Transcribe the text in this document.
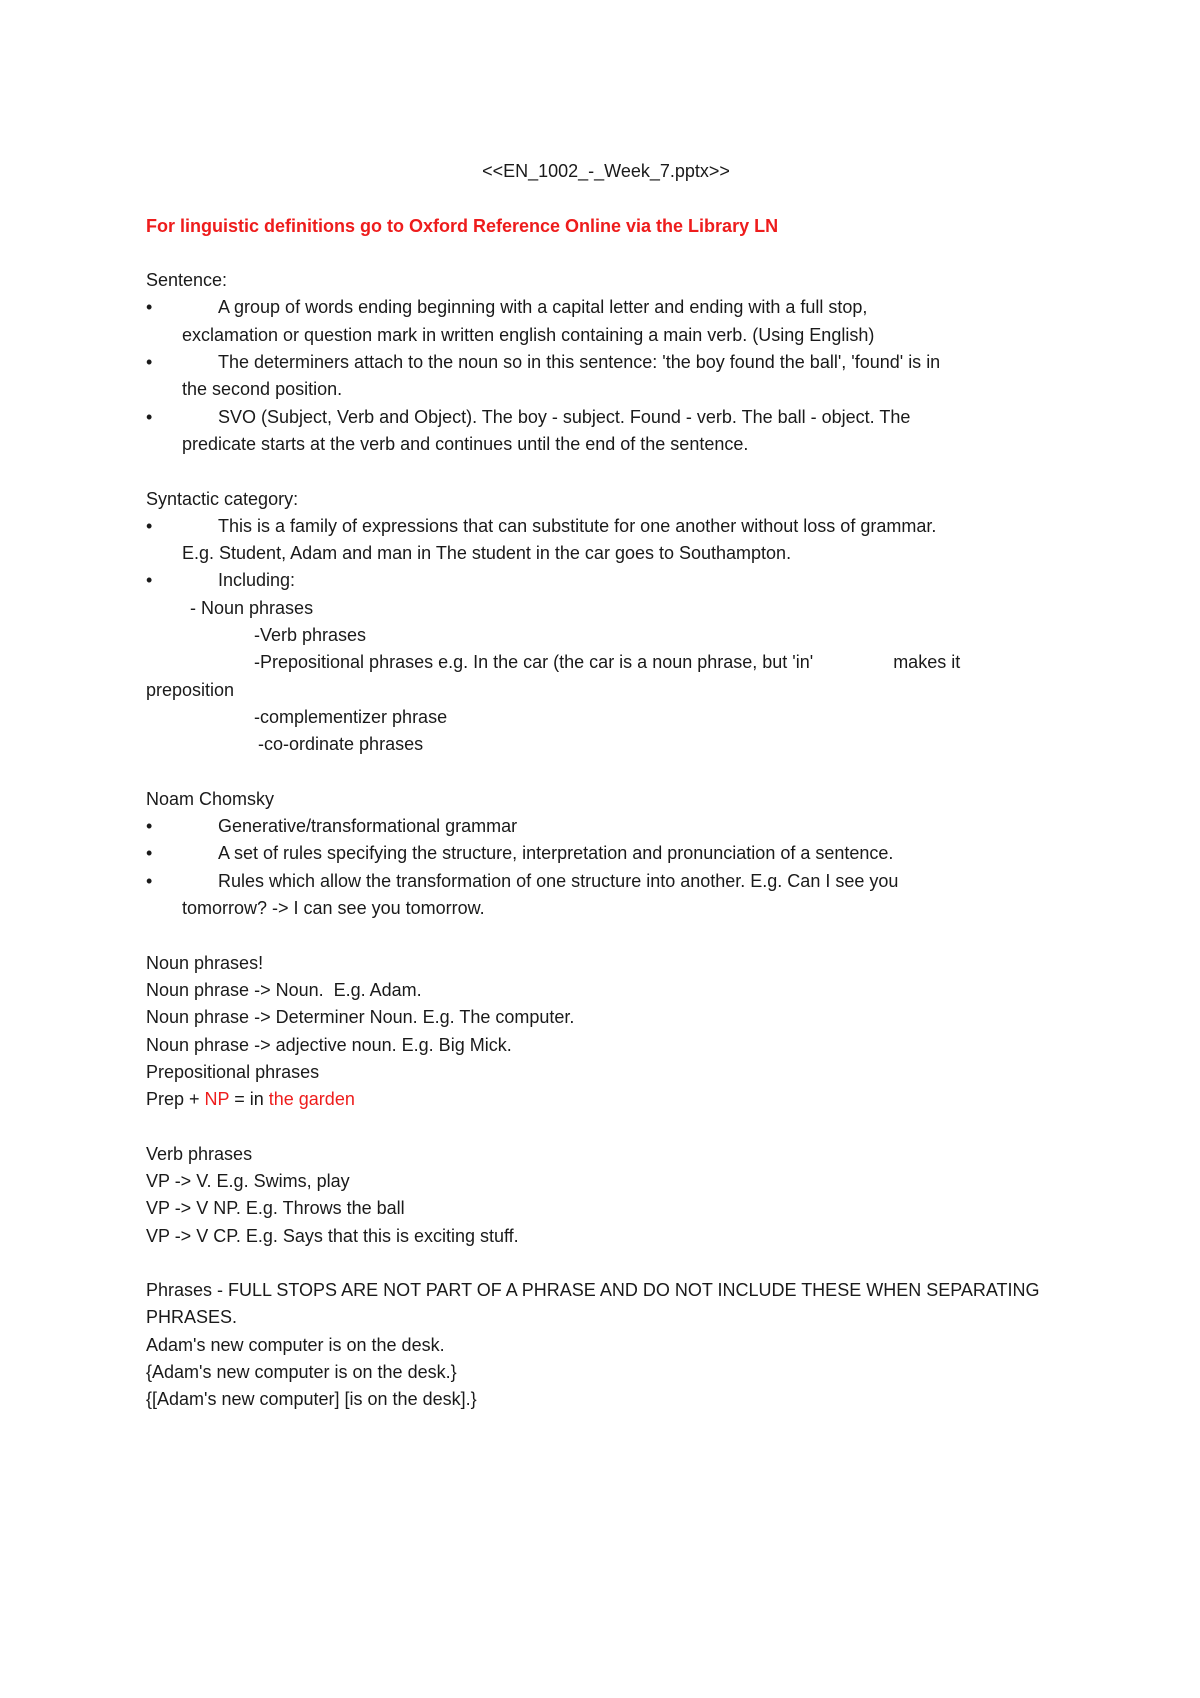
<<EN_1002_-_Week_7.pptx>>

For linguistic definitions go to Oxford Reference Online via the Library LN

Sentence:

•	A group of words ending beginning with a capital letter and ending with a full stop,
exclamation or question mark in written english containing a main verb. (Using English)
•	The determiners attach to the noun so in this sentence: 'the boy found the ball', 'found' is in
the second position.
•	SVO (Subject, Verb and Object). The boy - subject. Found - verb. The ball - object. The
predicate starts at the verb and continues until the end of the sentence.

Syntactic category:

•	This is a family of expressions that can substitute for one another without loss of grammar.
E.g. Student, Adam and man in The student in the car goes to Southampton.
•	Including:

- Noun phrases

-Verb phrases

-Prepositional phrases e.g. In the car (the car is a noun phrase, but 'in'	makes it

preposition

-complementizer phrase

-co-ordinate phrases

Noam Chomsky

•	Generative/transformational grammar
•	A set of rules specifying the structure, interpretation and pronunciation of a sentence.
•	Rules which allow the transformation of one structure into another. E.g. Can I see you
tomorrow? -> I can see you tomorrow.

Noun phrases!

Noun phrase -> Noun.  E.g. Adam.

Noun phrase -> Determiner Noun. E.g. The computer.

Noun phrase -> adjective noun. E.g. Big Mick.

Prepositional phrases

Prep + NP = in the garden

Verb phrases

VP -> V. E.g. Swims, play

VP -> V NP. E.g. Throws the ball

VP -> V CP. E.g. Says that this is exciting stuff.

Phrases - FULL STOPS ARE NOT PART OF A PHRASE AND DO NOT INCLUDE THESE WHEN SEPARATING

PHRASES.

Adam's new computer is on the desk.

{Adam's new computer is on the desk.}

{[Adam's new computer] [is on the desk].}
